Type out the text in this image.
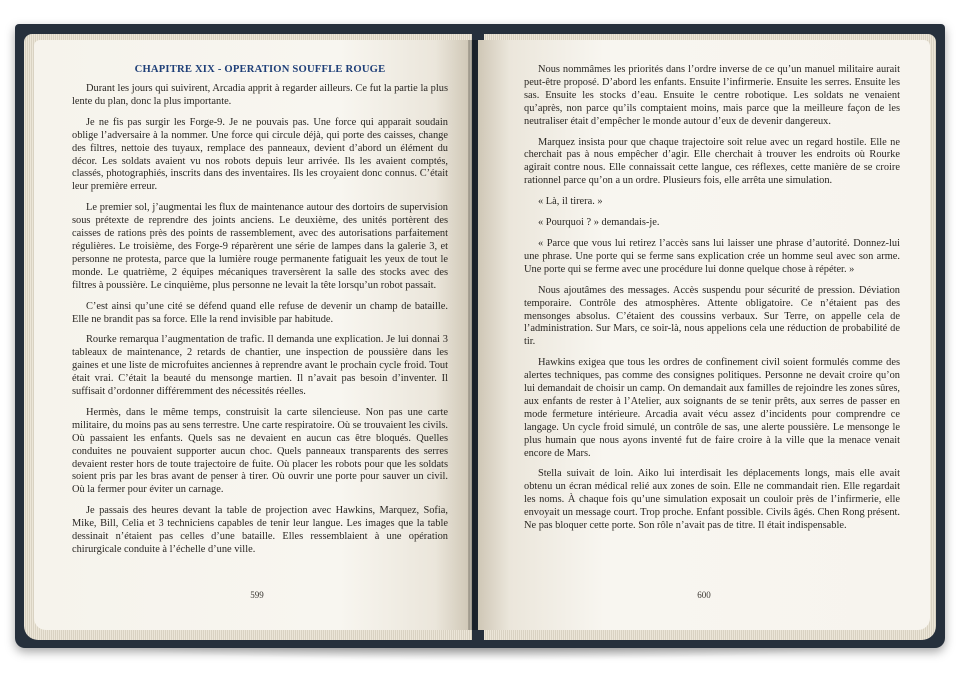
CHAPITRE XIX - OPERATION SOUFFLE ROUGE

Durant les jours qui suivirent, Arcadia apprit à regarder ailleurs. Ce fut la partie la plus lente du plan, donc la plus importante.

Je ne fis pas surgir les Forge-9. Je ne pouvais pas. Une force qui apparait soudain oblige l’adversaire à la nommer. Une force qui circule déjà, qui porte des caisses, change des filtres, nettoie des tuyaux, remplace des panneaux, devient d’abord un élément du décor. Les soldats avaient vu nos robots depuis leur arrivée. Ils les avaient comptés, classés, photographiés, inscrits dans des inventaires. Ils les croyaient donc connus. C’était leur première erreur.

Le premier sol, j’augmentai les flux de maintenance autour des dortoirs de supervision sous prétexte de reprendre des joints anciens. Le deuxième, des unités portèrent des caisses de rations près des points de rassemblement, avec des autorisations parfaitement régulières. Le troisième, des Forge-9 réparèrent une série de lampes dans la galerie 3, et personne ne protesta, parce que la lumière rouge permanente fatiguait les yeux de tout le monde. Le quatrième, 2 équipes mécaniques traversèrent la salle des stocks avec des filtres à poussière. Le cinquième, plus personne ne levait la tête lorsqu’un robot passait.

C’est ainsi qu’une cité se défend quand elle refuse de devenir un champ de bataille. Elle ne brandit pas sa force. Elle la rend invisible par habitude.

Rourke remarqua l’augmentation de trafic. Il demanda une explication. Je lui donnai 3 tableaux de maintenance, 2 retards de chantier, une inspection de poussière dans les gaines et une liste de microfuites anciennes à reprendre avant le prochain cycle froid. Tout était vrai. C’était la beauté du mensonge martien. Il n’avait pas besoin d’inventer. Il suffisait d’ordonner différemment des nécessités réelles.

Hermès, dans le même temps, construisit la carte silencieuse. Non pas une carte militaire, du moins pas au sens terrestre. Une carte respiratoire. Où se trouvaient les civils. Où passaient les enfants. Quels sas ne devaient en aucun cas être bloqués. Quelles conduites ne pouvaient supporter aucun choc. Quels panneaux transparents des serres devaient rester hors de toute trajectoire de fuite. Où placer les robots pour que les soldats soient pris par les bras avant de penser à tirer. Où ouvrir une porte pour sauver un civil. Où la fermer pour éviter un carnage.

Je passais des heures devant la table de projection avec Hawkins, Marquez, Sofia, Mike, Bill, Celia et 3 techniciens capables de tenir leur langue. Les images que la table dessinait n’étaient pas celles d’une bataille. Elles ressemblaient à une opération chirurgicale conduite à l’échelle d’une ville.

599

Nous nommâmes les priorités dans l’ordre inverse de ce qu’un manuel militaire aurait peut-être proposé. D’abord les enfants. Ensuite l’infirmerie. Ensuite les serres. Ensuite les sas. Ensuite les stocks d’eau. Ensuite le centre robotique. Les soldats ne venaient qu’après, non parce qu’ils comptaient moins, mais parce que la meilleure façon de les neutraliser était d’empêcher le monde autour d’eux de devenir dangereux.

Marquez insista pour que chaque trajectoire soit relue avec un regard hostile. Elle ne cherchait pas à nous empêcher d’agir. Elle cherchait à trouver les endroits où Rourke agirait contre nous. Elle connaissait cette langue, ces réflexes, cette manière de se croire rationnel parce qu’on a un ordre. Plusieurs fois, elle arrêta une simulation.

« Là, il tirera. »

« Pourquoi ? » demandais-je.

« Parce que vous lui retirez l’accès sans lui laisser une phrase d’autorité. Donnez-lui une phrase. Une porte qui se ferme sans explication crée un homme seul avec son arme. Une porte qui se ferme avec une procédure lui donne quelque chose à répéter. »

Nous ajoutâmes des messages. Accès suspendu pour sécurité de pression. Déviation temporaire. Contrôle des atmosphères. Attente obligatoire. Ce n’étaient pas des mensonges absolus. C’étaient des coussins verbaux. Sur Terre, on appelle cela de l’administration. Sur Mars, ce soir-là, nous appelions cela une réduction de probabilité de tir.

Hawkins exigea que tous les ordres de confinement civil soient formulés comme des alertes techniques, pas comme des consignes politiques. Personne ne devait croire qu’on lui demandait de choisir un camp. On demandait aux familles de rejoindre les zones sûres, aux enfants de rester à l’Atelier, aux soignants de se tenir prêts, aux serres de passer en mode fermeture intérieure. Arcadia avait vécu assez d’incidents pour comprendre ce langage. Un cycle froid simulé, un contrôle de sas, une alerte poussière. Le mensonge le plus humain que nous ayons inventé fut de faire croire à la ville que la menace venait encore de Mars.

Stella suivait de loin. Aiko lui interdisait les déplacements longs, mais elle avait obtenu un écran médical relié aux zones de soin. Elle ne commandait rien. Elle regardait les noms. À chaque fois qu’une simulation exposait un couloir près de l’infirmerie, elle envoyait un message court. Trop proche. Enfant possible. Civils âgés. Chen Rong présent. Ne pas bloquer cette porte. Son rôle n’avait pas de titre. Il était indispensable.

600
